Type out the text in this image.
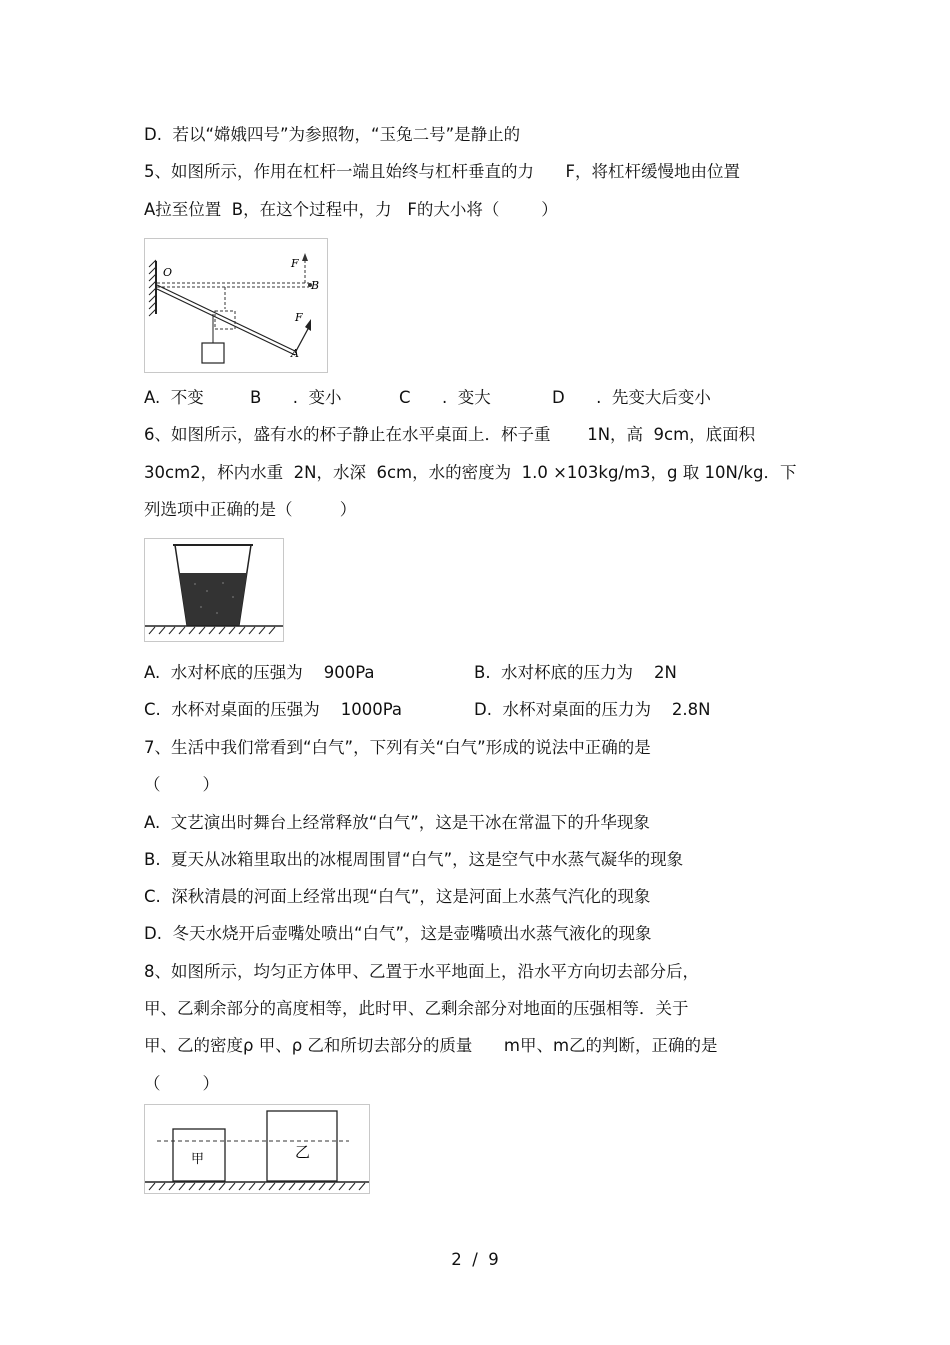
D.  若以“嫦娥四号”为参照物，“玉兔二号”是静止的
5、如图所示，作用在杠杆一端且始终与杠杆垂直的力      F，将杠杆缓慢地由位置
A拉至位置  B，在这个过程中，力   F的大小将（        ）
O
F
B
F
A
A.  不变	B      .  变小	C      .  变大	D      .  先变大后变小
6、如图所示，盛有水的杯子静止在水平桌面上．杯子重       1N，高  9cm，底面积
30cm2，杯内水重  2N，水深  6cm，水的密度为  1.0 ×103kg/m3，g 取 10N/kg．下
列选项中正确的是（         ）
A.  水对杯底的压强为    900Pa	B.  水对杯底的压力为    2N
C.  水杯对桌面的压强为    1000Pa	D.  水杯对桌面的压力为    2.8N
7、生活中我们常看到“白气”，下列有关“白气”形成的说法中正确的是
（        ）
A.  文艺演出时舞台上经常释放“白气”，这是干冰在常温下的升华现象
B.  夏天从冰箱里取出的冰棍周围冒“白气”，这是空气中水蒸气凝华的现象
C.  深秋清晨的河面上经常出现“白气”，这是河面上水蒸气汽化的现象
D.  冬天水烧开后壶嘴处喷出“白气”，这是壶嘴喷出水蒸气液化的现象
8、如图所示，均匀正方体甲、乙置于水平地面上，沿水平方向切去部分后，
甲、乙剩余部分的高度相等，此时甲、乙剩余部分对地面的压强相等．关于
甲、乙的密度ρ 甲、ρ 乙和所切去部分的质量      m甲、m乙的判断，正确的是
（        ）
甲	乙
2  /  9
